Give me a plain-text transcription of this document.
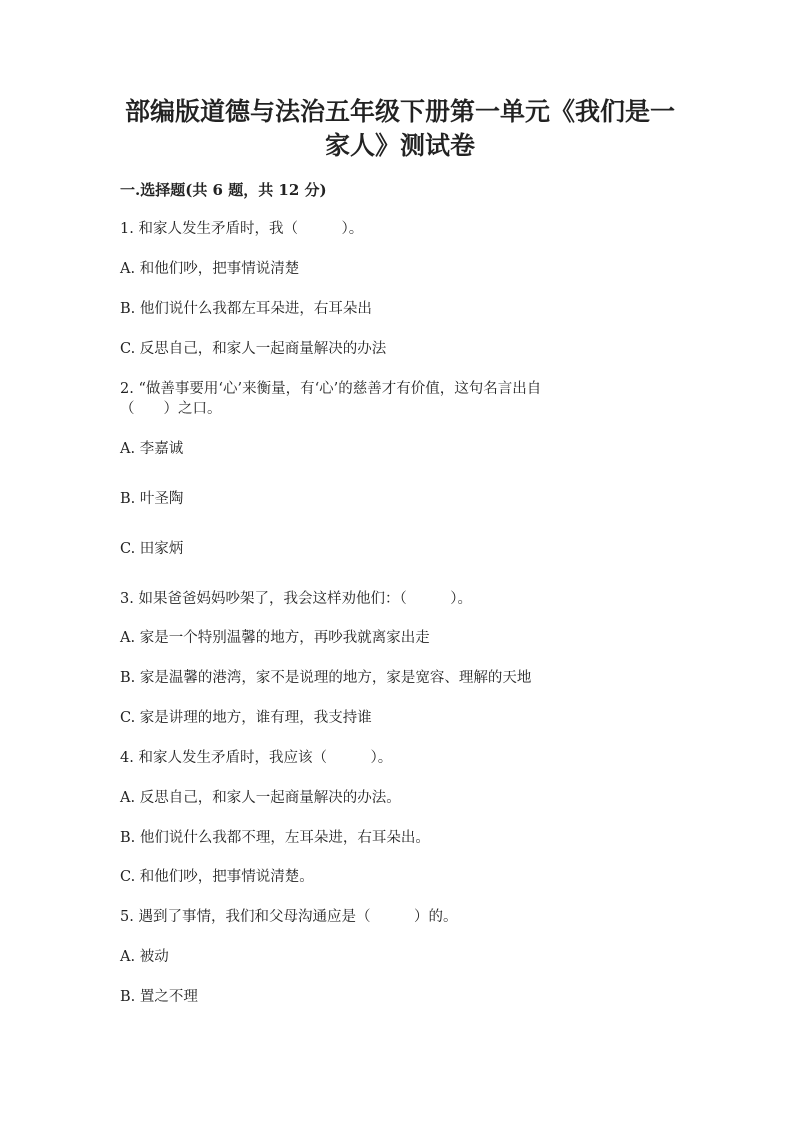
部编版道德与法治五年级下册第一单元《我们是一
家人》测试卷
一.选择题(共 6 题，共 12 分)
1. 和家人发生矛盾时，我（　　　）。
A. 和他们吵，把事情说清楚
B. 他们说什么我都左耳朵进，右耳朵出
C. 反思自己，和家人一起商量解决的办法
2. “做善事要用‘心’来衡量，有‘心’的慈善才有价值，这句名言出自
（　　）之口。
A. 李嘉诚
B. 叶圣陶
C. 田家炳
3. 如果爸爸妈妈吵架了，我会这样劝他们：（　　　）。
A. 家是一个特别温馨的地方，再吵我就离家出走
B. 家是温馨的港湾，家不是说理的地方，家是宽容、理解的天地
C. 家是讲理的地方，谁有理，我支持谁
4. 和家人发生矛盾时，我应该（　　　）。
A. 反思自己，和家人一起商量解决的办法。
B. 他们说什么我都不理，左耳朵进，右耳朵出。
C. 和他们吵，把事情说清楚。
5. 遇到了事情，我们和父母沟通应是（　　　）的。
A. 被动
B. 置之不理
